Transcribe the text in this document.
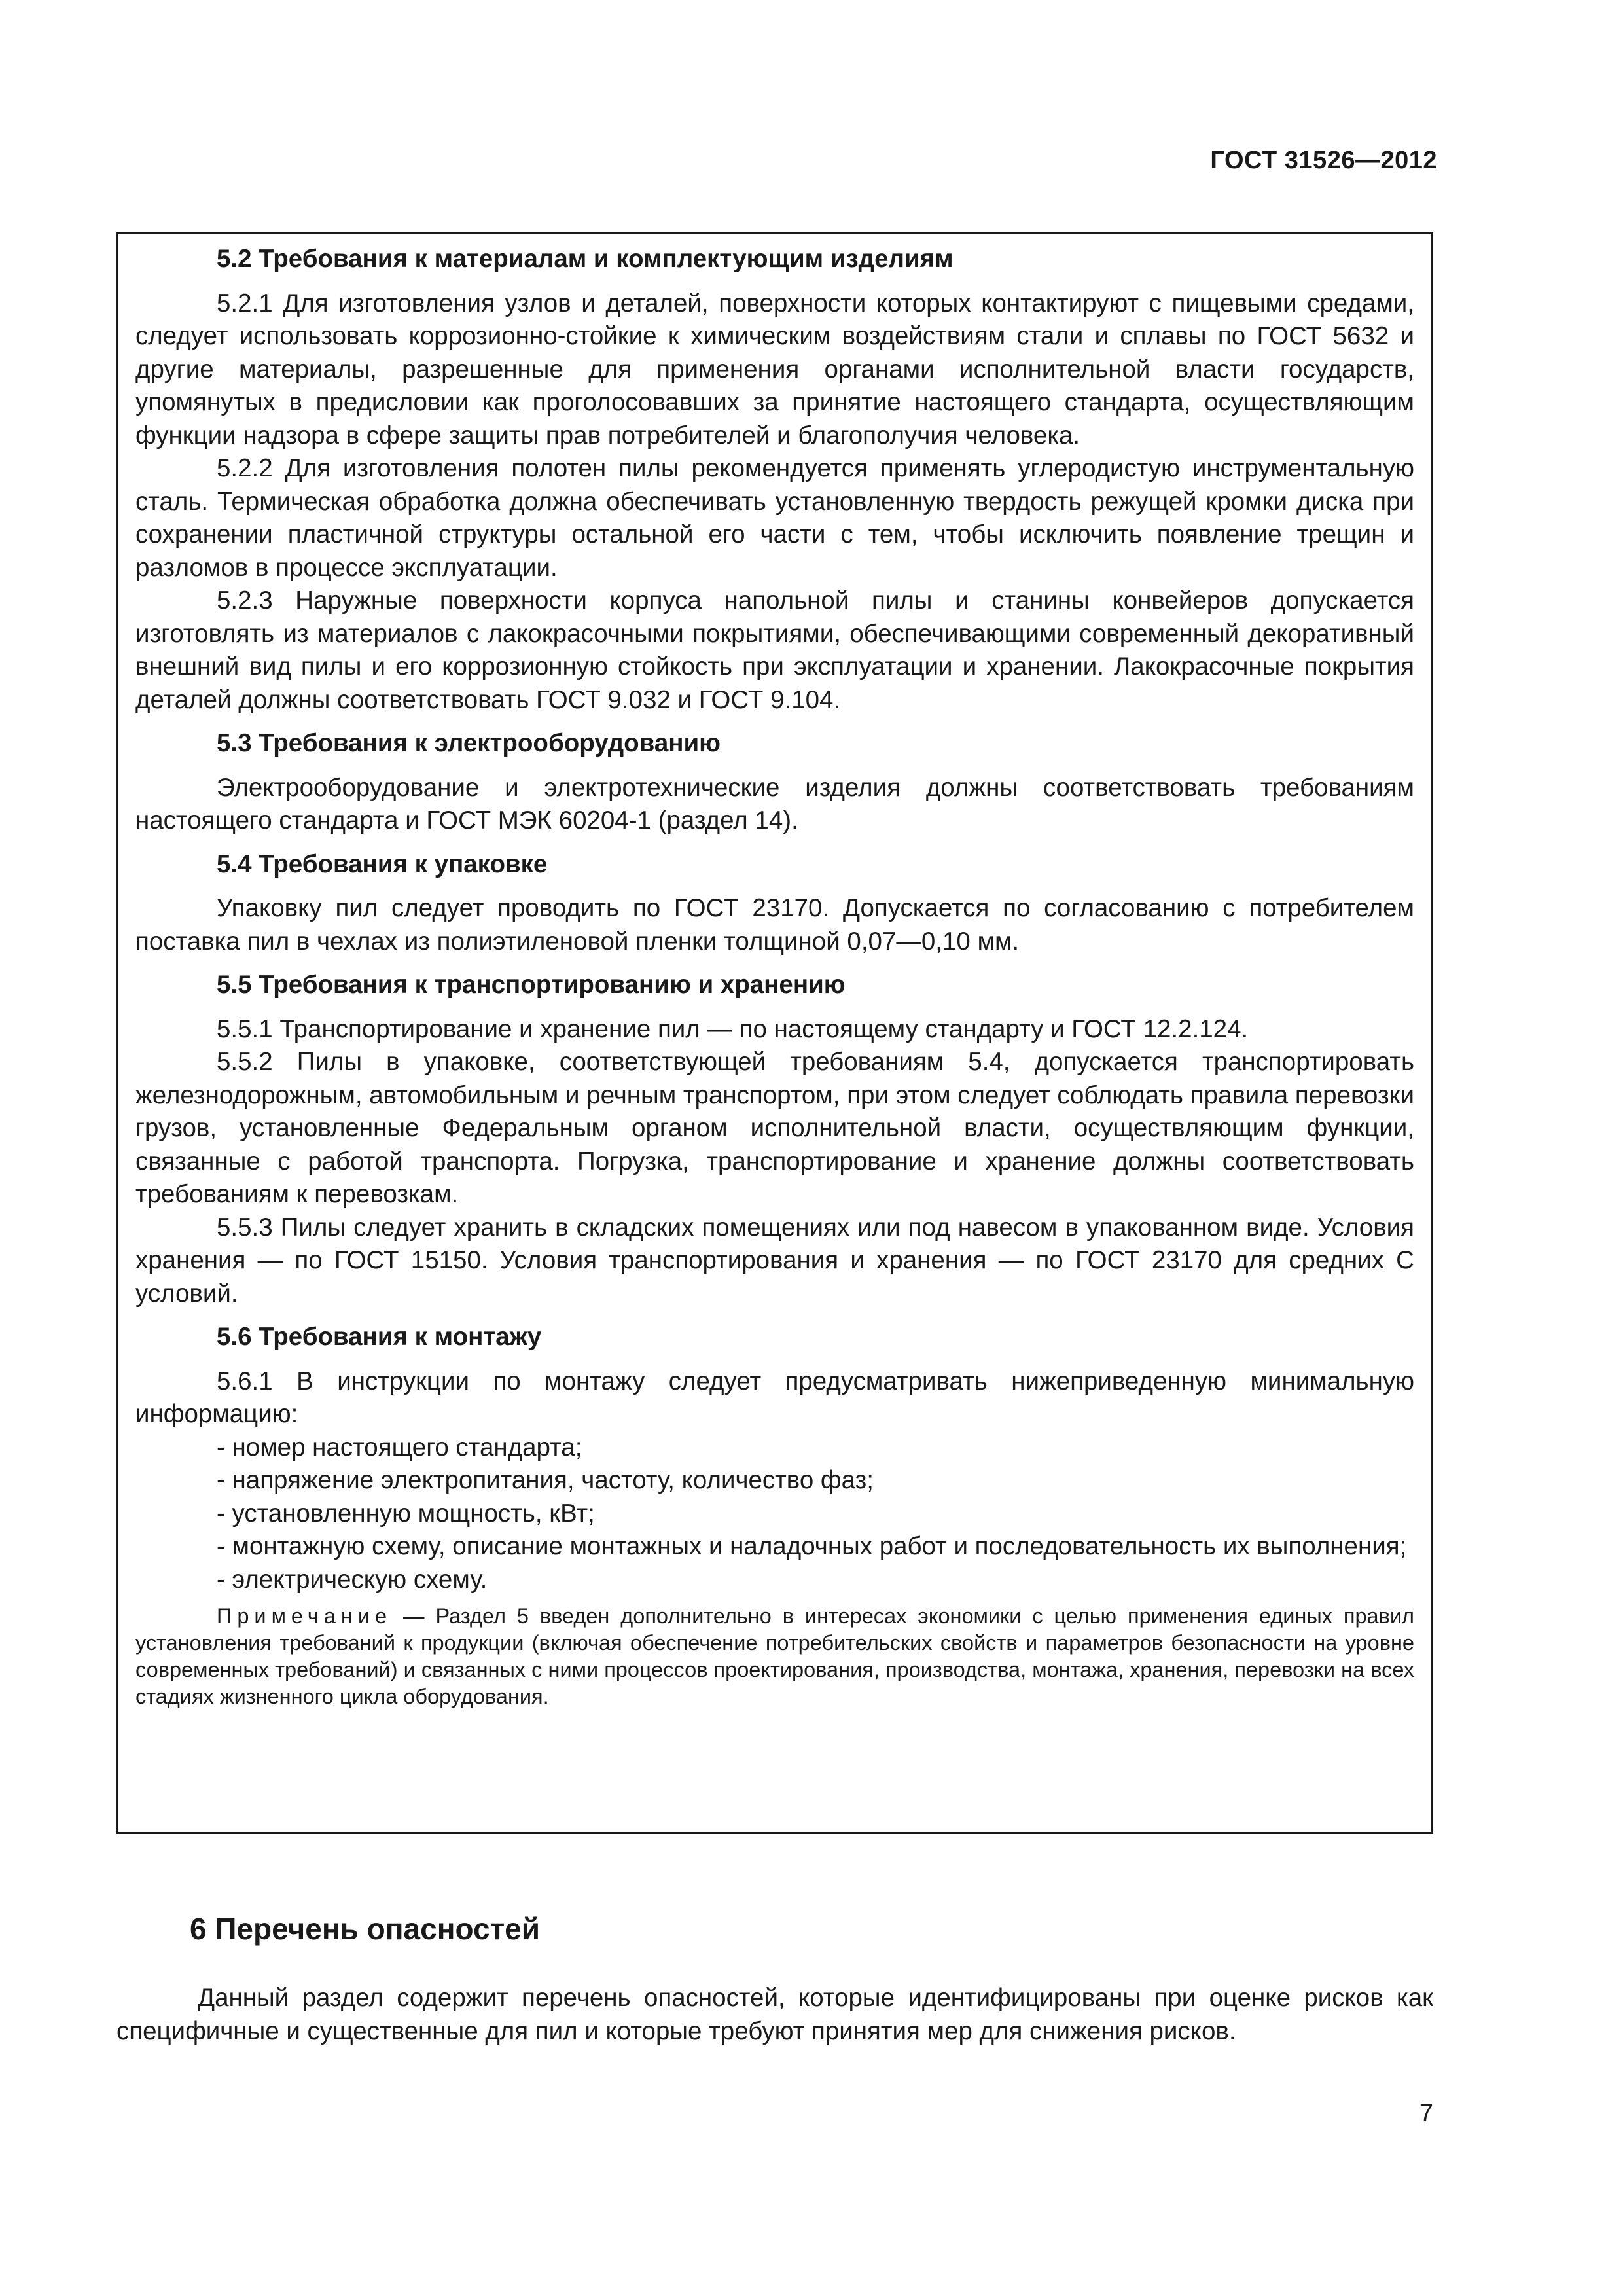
ГОСТ 31526—2012
5.2 Требования к материалам и комплектующим изделиям

5.2.1 Для изготовления узлов и деталей, поверхности которых контактируют с пищевыми средами, следует использовать коррозионно-стойкие к химическим воздействиям стали и сплавы по ГОСТ 5632 и другие материалы, разрешенные для применения органами исполнительной власти государств, упомянутых в предисловии как проголосовавших за принятие настоящего стандарта, осуществляющим функции надзора в сфере защиты прав потребителей и благополучия человека.

5.2.2 Для изготовления полотен пилы рекомендуется применять углеродистую инструментальную сталь. Термическая обработка должна обеспечивать установленную твердость режущей кромки диска при сохранении пластичной структуры остальной его части с тем, чтобы исключить появление трещин и разломов в процессе эксплуатации.

5.2.3 Наружные поверхности корпуса напольной пилы и станины конвейеров допускается изготовлять из материалов с лакокрасочными покрытиями, обеспечивающими современный декоративный внешний вид пилы и его коррозионную стойкость при эксплуатации и хранении. Лакокрасочные покрытия деталей должны соответствовать ГОСТ 9.032 и ГОСТ 9.104.

5.3 Требования к электрооборудованию

Электрооборудование и электротехнические изделия должны соответствовать требованиям настоящего стандарта и ГОСТ МЭК 60204-1 (раздел 14).

5.4 Требования к упаковке

Упаковку пил следует проводить по ГОСТ 23170. Допускается по согласованию с потребителем поставка пил в чехлах из полиэтиленовой пленки толщиной 0,07—0,10 мм.

5.5 Требования к транспортированию и хранению

5.5.1 Транспортирование и хранение пил — по настоящему стандарту и ГОСТ 12.2.124.

5.5.2 Пилы в упаковке, соответствующей требованиям 5.4, допускается транспортировать железнодорожным, автомобильным и речным транспортом, при этом следует соблюдать правила перевозки грузов, установленные Федеральным органом исполнительной власти, осуществляющим функции, связанные с работой транспорта. Погрузка, транспортирование и хранение должны соответствовать требованиям к перевозкам.

5.5.3 Пилы следует хранить в складских помещениях или под навесом в упакованном виде. Условия хранения — по ГОСТ 15150. Условия транспортирования и хранения — по ГОСТ 23170 для средних С условий.

5.6 Требования к монтажу

5.6.1 В инструкции по монтажу следует предусматривать нижеприведенную минимальную информацию:

- номер настоящего стандарта;
- напряжение электропитания, частоту, количество фаз;
- установленную мощность, кВт;
- монтажную схему, описание монтажных и наладочных работ и последовательность их выполнения;
- электрическую схему.
Примечание — Раздел 5 введен дополнительно в интересах экономики с целью применения единых правил установления требований к продукции (включая обеспечение потребительских свойств и параметров безопасности на уровне современных требований) и связанных с ними процессов проектирования, производства, монтажа, хранения, перевозки на всех стадиях жизненного цикла оборудования.
6 Перечень опасностей
Данный раздел содержит перечень опасностей, которые идентифицированы при оценке рисков как специфичные и существенные для пил и которые требуют принятия мер для снижения рисков.
7
